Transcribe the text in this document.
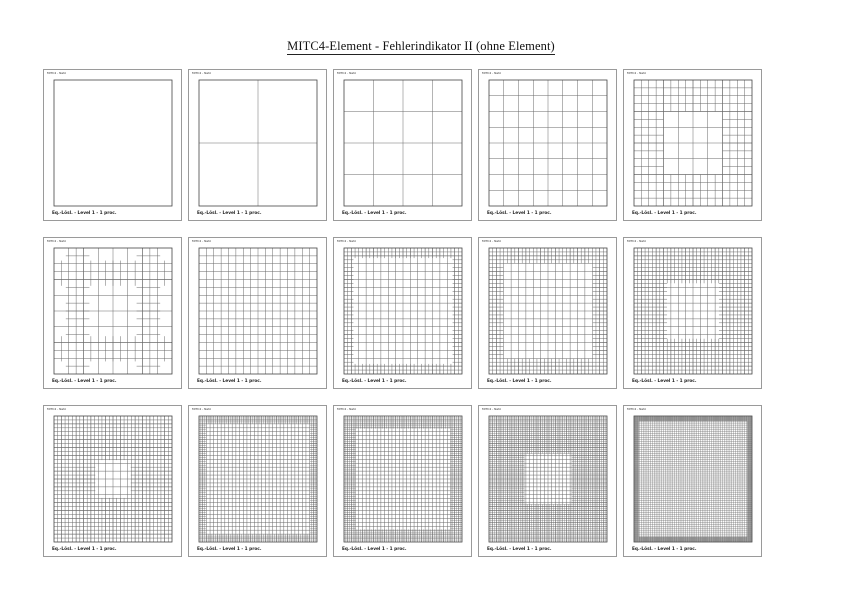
MITC4-Element - Fehlerindikator II (ohne Element)
MITC4 - Netz
Eq.-Lösl. - Level 1 - 1 proc.
MITC4 - Netz
Eq.-Lösl. - Level 1 - 1 proc.
MITC4 - Netz
Eq.-Lösl. - Level 1 - 1 proc.
MITC4 - Netz
Eq.-Lösl. - Level 1 - 1 proc.
MITC4 - Netz
Eq.-Lösl. - Level 1 - 1 proc.
MITC4 - Netz
Eq.-Lösl. - Level 1 - 1 proc.
MITC4 - Netz
Eq.-Lösl. - Level 1 - 1 proc.
MITC4 - Netz
Eq.-Lösl. - Level 1 - 1 proc.
MITC4 - Netz
Eq.-Lösl. - Level 1 - 1 proc.
MITC4 - Netz
Eq.-Lösl. - Level 1 - 1 proc.
MITC4 - Netz
Eq.-Lösl. - Level 1 - 1 proc.
MITC4 - Netz
Eq.-Lösl. - Level 1 - 1 proc.
MITC4 - Netz
Eq.-Lösl. - Level 1 - 1 proc.
MITC4 - Netz
Eq.-Lösl. - Level 1 - 1 proc.
MITC4 - Netz
Eq.-Lösl. - Level 1 - 1 proc.
